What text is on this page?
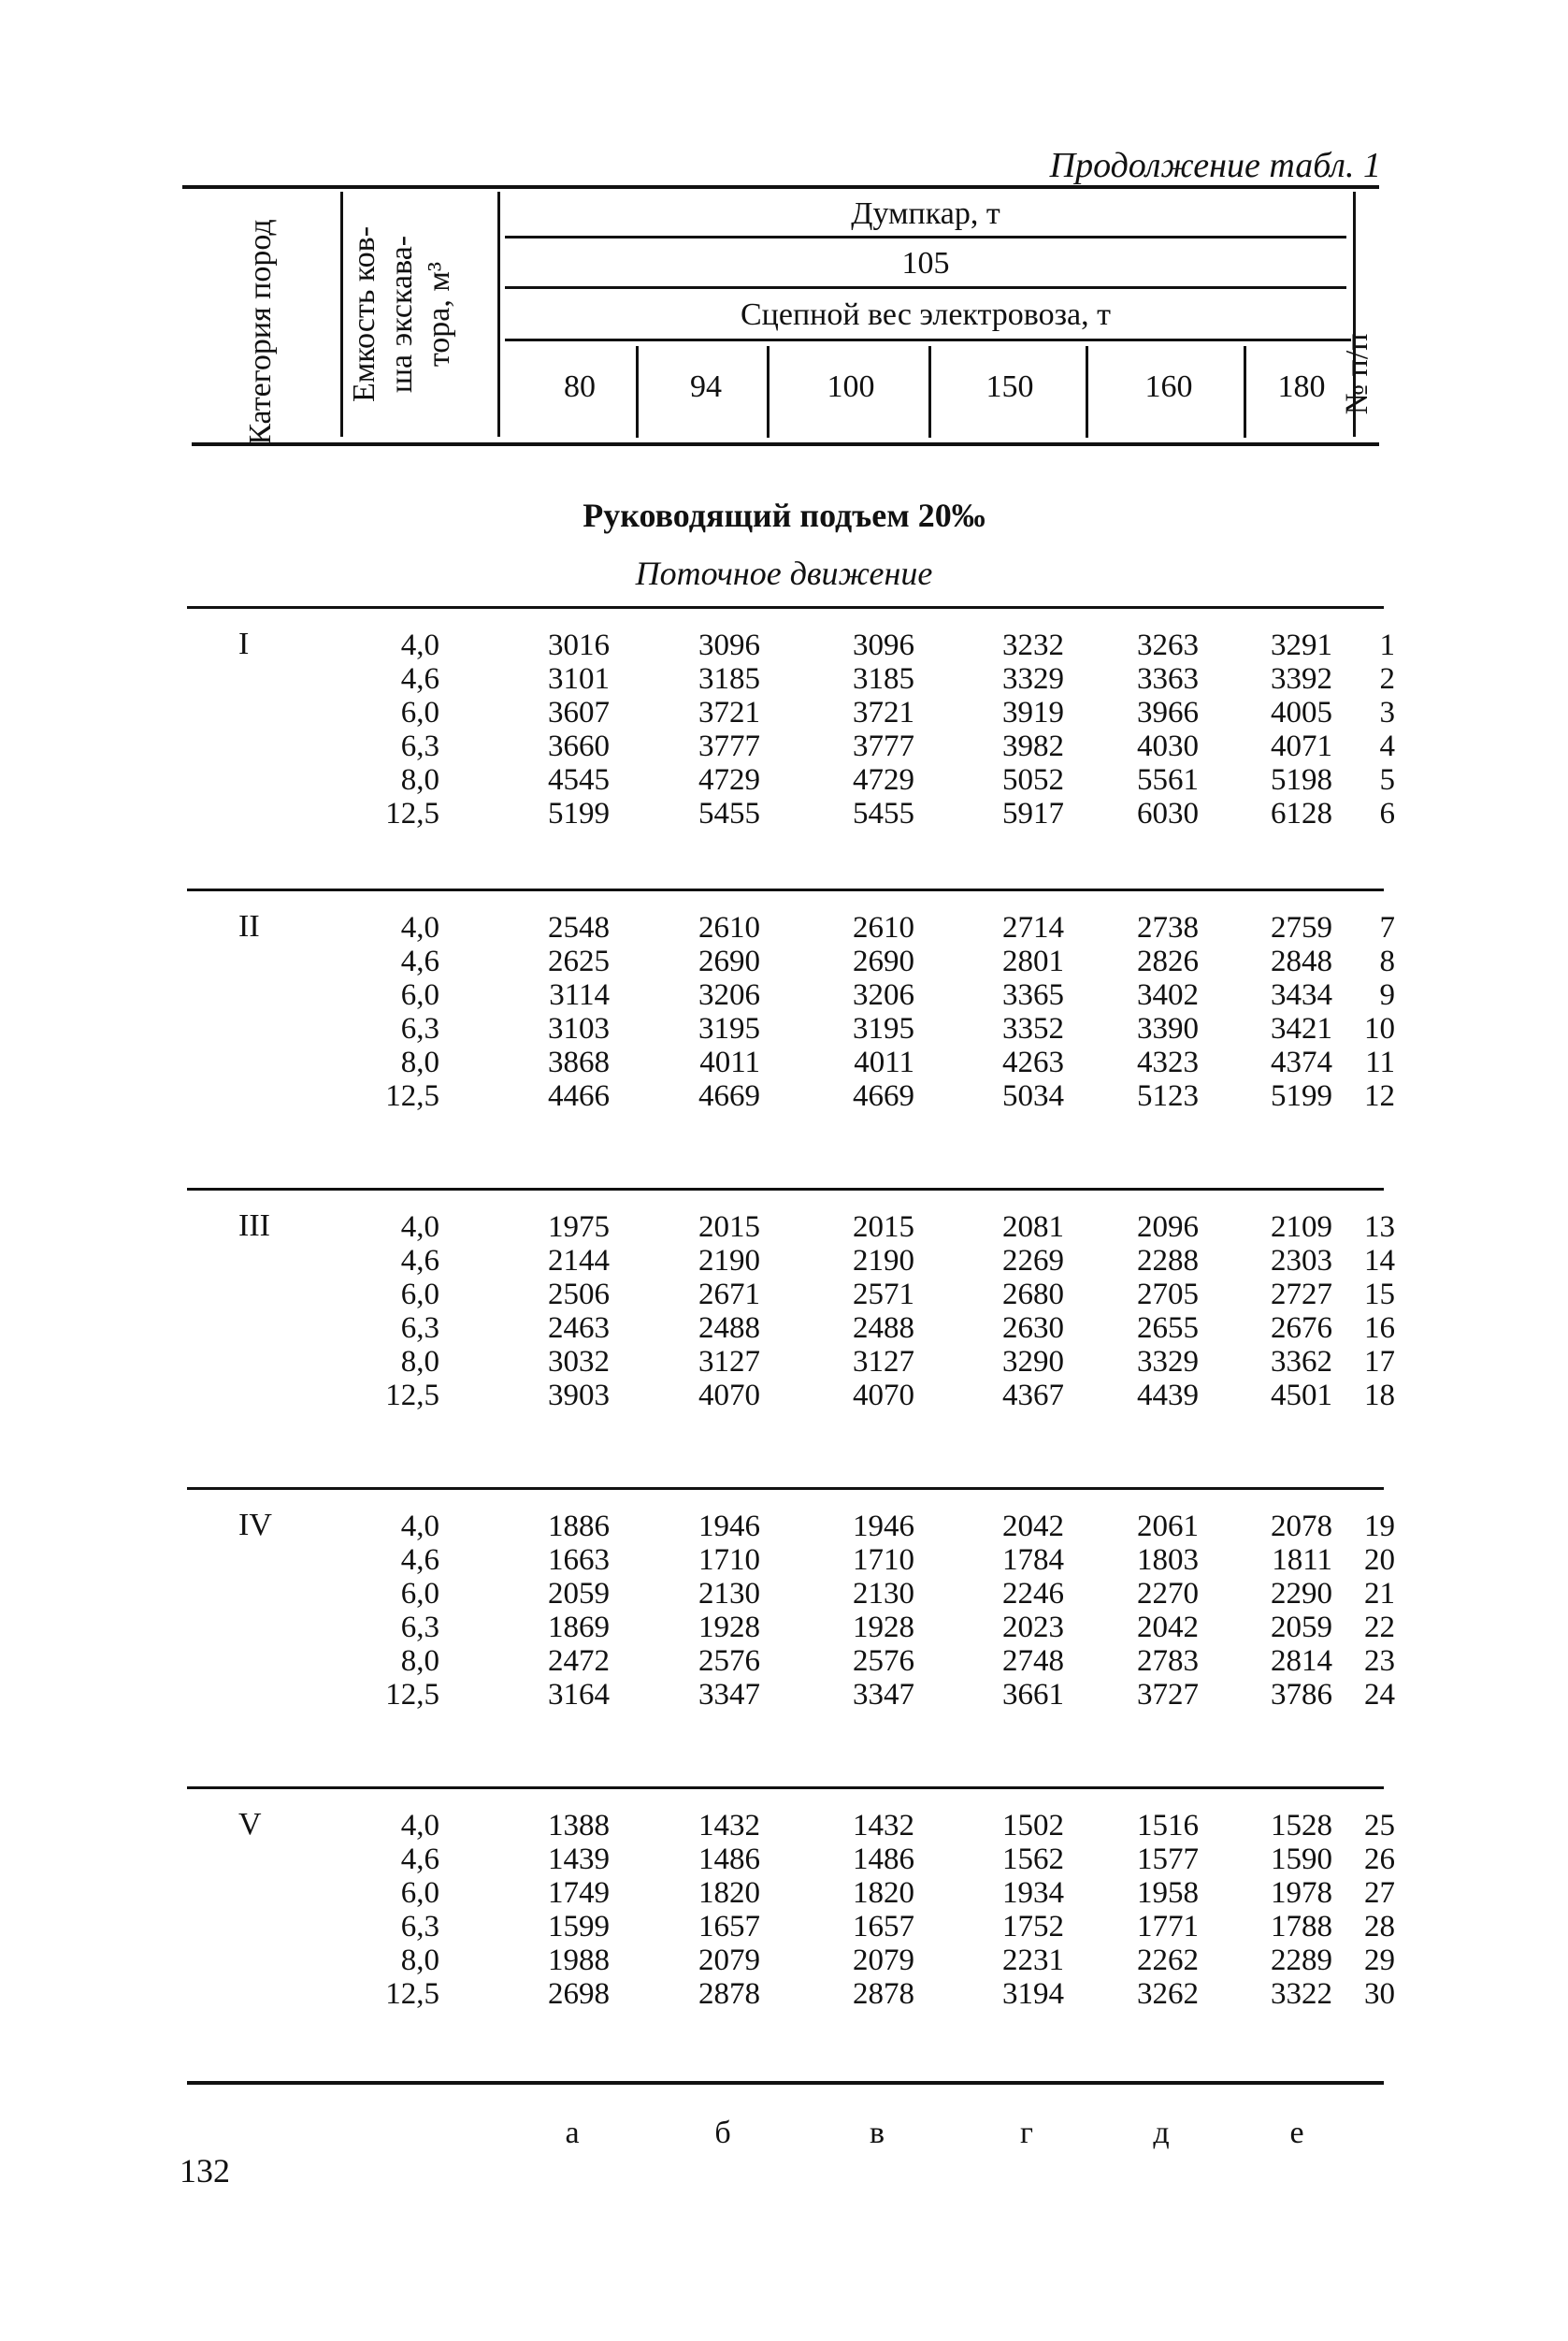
Продолжение табл. 1
Категория пород	Емкость ков- ша экскава- тора, м³
№ п/п
Думпкар, т
105
Сцепной вес электровоза, т
80	94	100	150	160	180
Руководящий подъем 20‰
Поточное движение
I	4,0	3016	3096	3096	3232	3263	3291	1
4,6	3101	3185	3185	3329	3363	3392	2
6,0	3607	3721	3721	3919	3966	4005	3
6,3	3660	3777	3777	3982	4030	4071	4
8,0	4545	4729	4729	5052	5561	5198	5
12,5	5199	5455	5455	5917	6030	6128	6
II	4,0	2548	2610	2610	2714	2738	2759	7
4,6	2625	2690	2690	2801	2826	2848	8
6,0	3114	3206	3206	3365	3402	3434	9
6,3	3103	3195	3195	3352	3390	3421	10
8,0	3868	4011	4011	4263	4323	4374	11
12,5	4466	4669	4669	5034	5123	5199	12
III	4,0	1975	2015	2015	2081	2096	2109	13
4,6	2144	2190	2190	2269	2288	2303	14
6,0	2506	2671	2571	2680	2705	2727	15
6,3	2463	2488	2488	2630	2655	2676	16
8,0	3032	3127	3127	3290	3329	3362	17
12,5	3903	4070	4070	4367	4439	4501	18
IV	4,0	1886	1946	1946	2042	2061	2078	19
4,6	1663	1710	1710	1784	1803	1811	20
6,0	2059	2130	2130	2246	2270	2290	21
6,3	1869	1928	1928	2023	2042	2059	22
8,0	2472	2576	2576	2748	2783	2814	23
12,5	3164	3347	3347	3661	3727	3786	24
V	4,0	1388	1432	1432	1502	1516	1528	25
4,6	1439	1486	1486	1562	1577	1590	26
6,0	1749	1820	1820	1934	1958	1978	27
6,3	1599	1657	1657	1752	1771	1788	28
8,0	1988	2079	2079	2231	2262	2289	29
12,5	2698	2878	2878	3194	3262	3322	30
а	б	в	г	д	е
132
